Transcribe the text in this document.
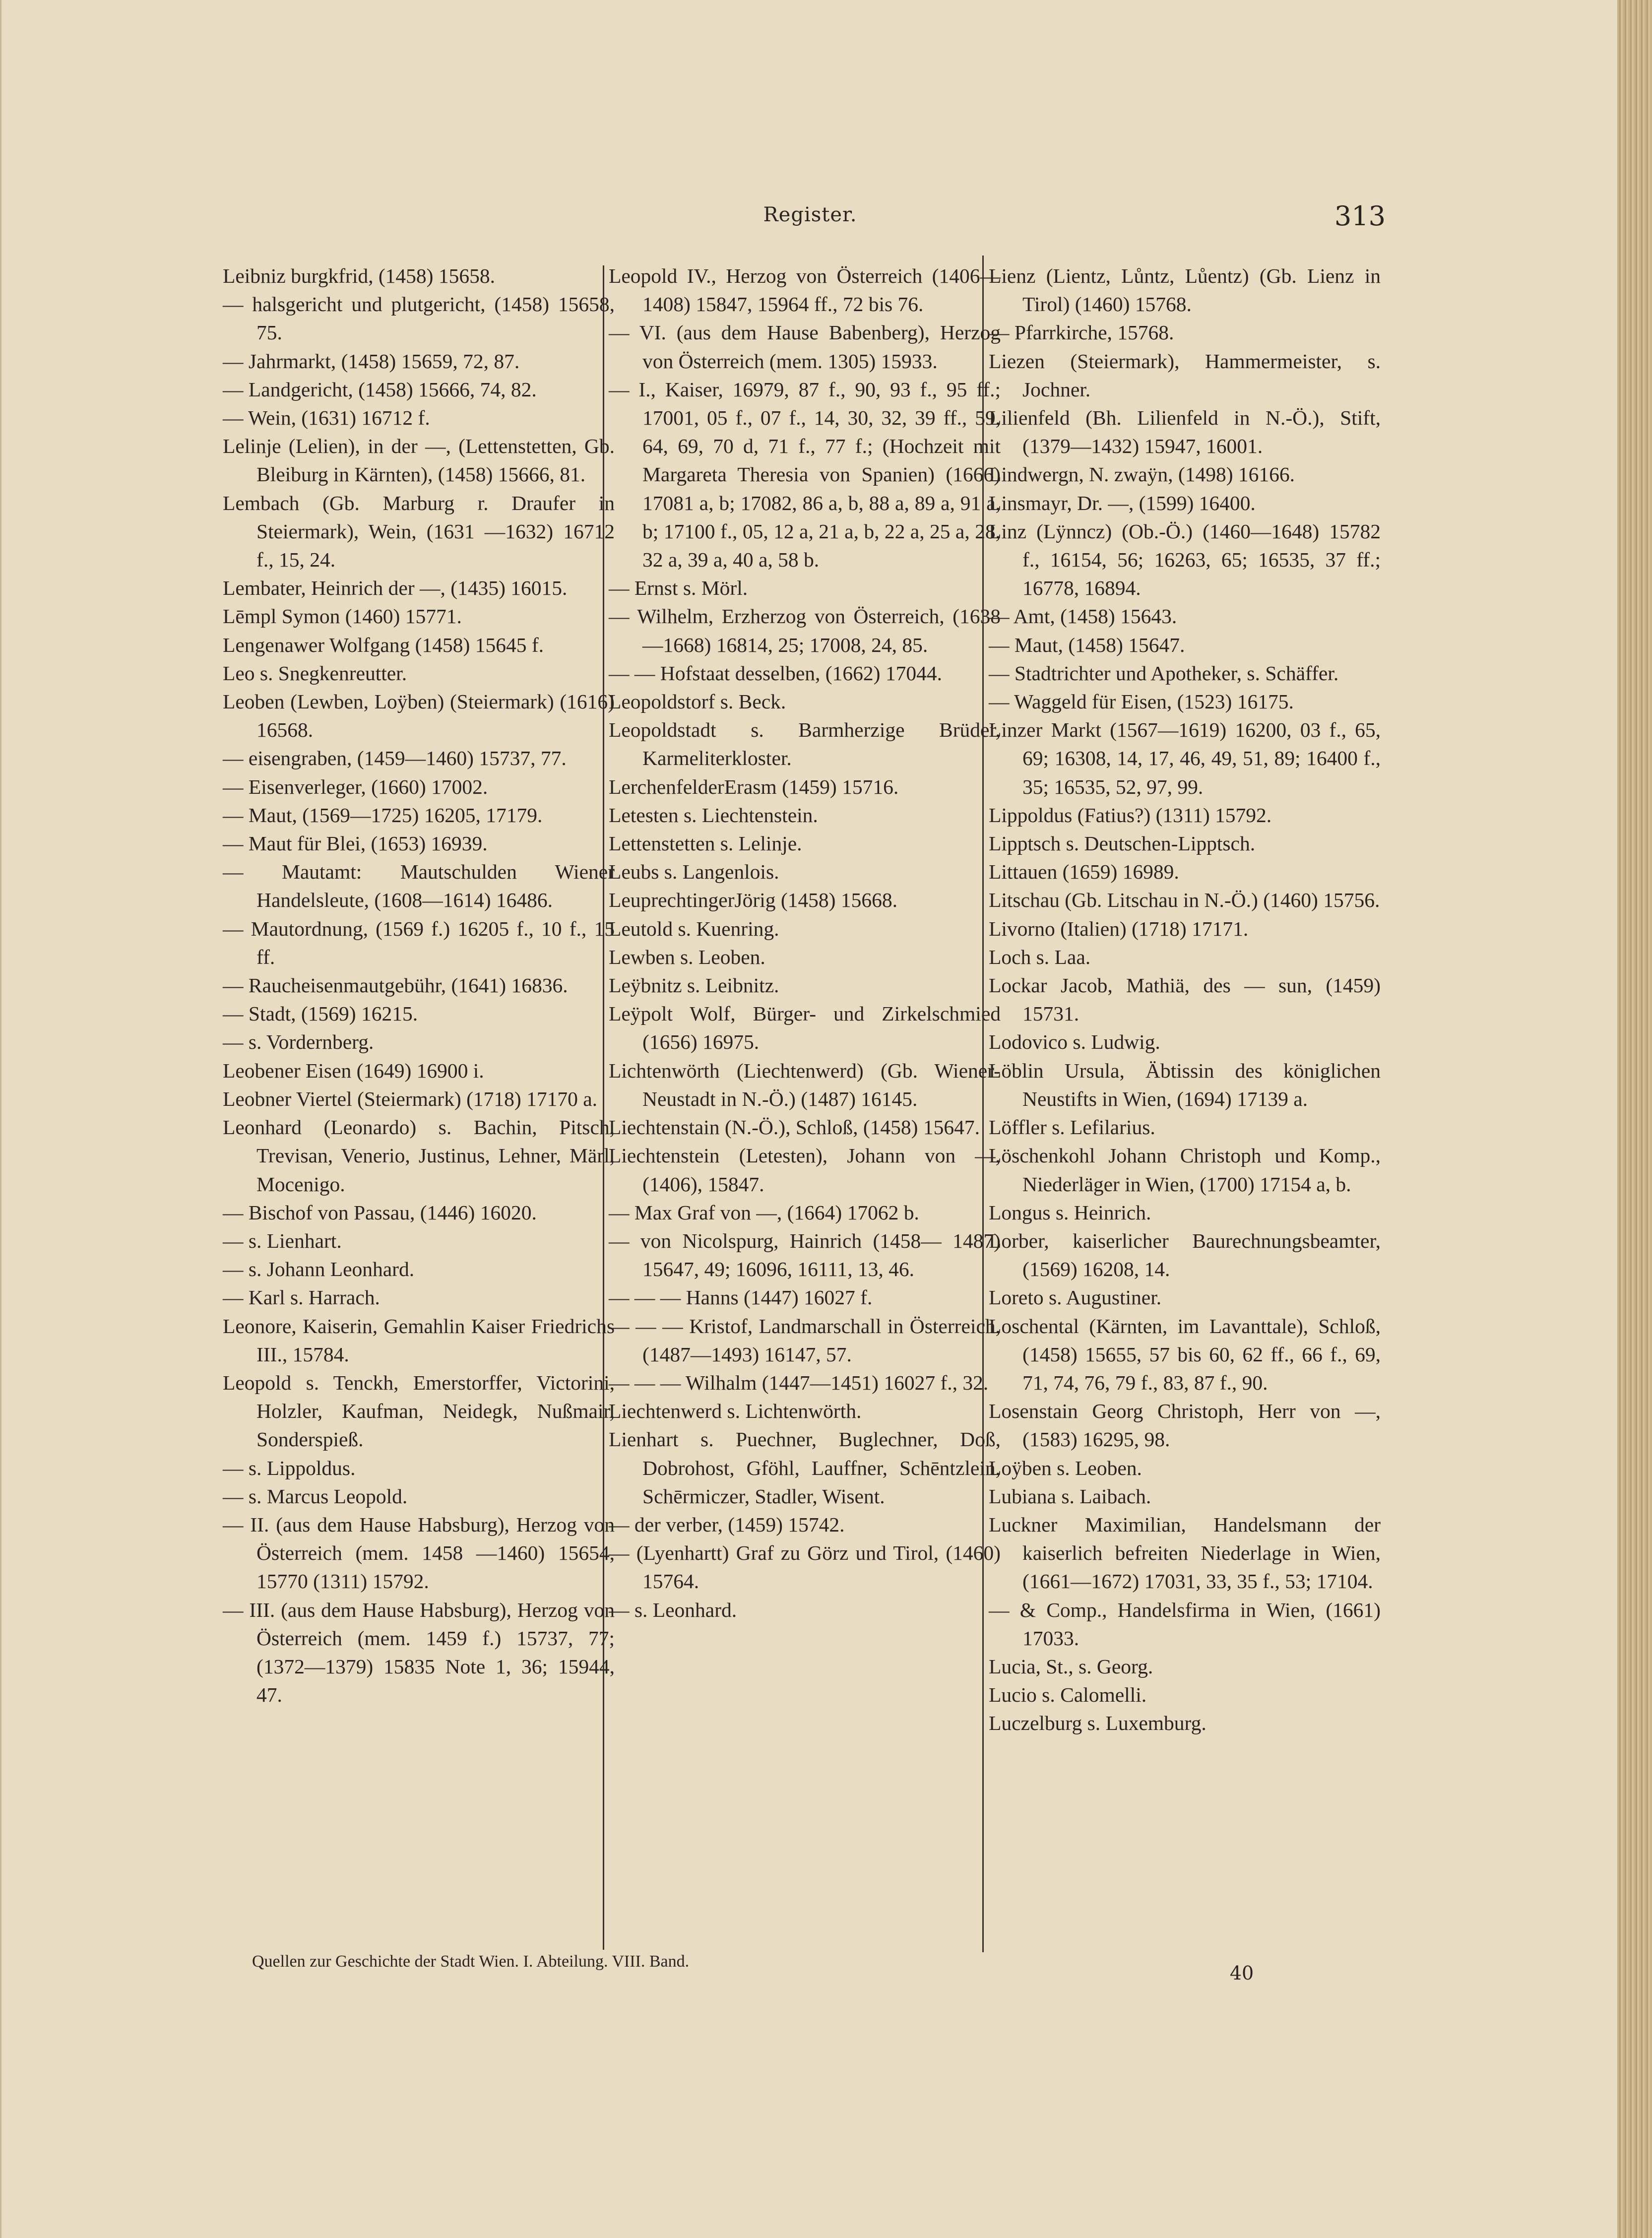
Register.	313

Leibniz burgkfrid, (1458) 15658.

— halsgericht und plutgericht, (1458) 15658, 75.

— Jahrmarkt, (1458) 15659, 72, 87.

— Landgericht, (1458) 15666, 74, 82.

— Wein, (1631) 16712 f.

Lelinje (Lelien), in der —, (Lettenstetten, Gb. Bleiburg in Kärnten), (1458) 15666, 81.

Lembach (Gb. Marburg r. Draufer in Steiermark), Wein, (1631 —1632) 16712 f., 15, 24.

Lembater, Heinrich der —, (1435) 16015.

Lēmpl Symon (1460) 15771.

Lengenawer Wolfgang (1458) 15645 f.

Leo s. Snegkenreutter.

Leoben (Lewben, Loÿben) (Steiermark) (1616) 16568.

— eisengraben, (1459—1460) 15737, 77.

— Eisenverleger, (1660) 17002.

— Maut, (1569—1725) 16205, 17179.

— Maut für Blei, (1653) 16939.

— Mautamt: Mautschulden Wiener Handelsleute, (1608—1614) 16486.

— Mautordnung, (1569 f.) 16205 f., 10 f., 15 ff.

— Raucheisenmautgebühr, (1641) 16836.

— Stadt, (1569) 16215.

— s. Vordernberg.

Leobener Eisen (1649) 16900 i.

Leobner Viertel (Steiermark) (1718) 17170 a.

Leonhard (Leonardo) s. Bachin, Pitsch, Trevisan, Venerio, Justinus, Lehner, Märl, Mocenigo.

— Bischof von Passau, (1446) 16020.

— s. Lienhart.

— s. Johann Leonhard.

— Karl s. Harrach.

Leonore, Kaiserin, Gemahlin Kaiser Friedrichs III., 15784.

Leopold s. Tenckh, Emerstorffer, Victorini, Holzler, Kaufman, Neidegk, Nußmair, Sonderspieß.

— s. Lippoldus.

— s. Marcus Leopold.

— II. (aus dem Hause Habsburg), Herzog von Österreich (mem. 1458 —1460) 15654, 15770 (1311) 15792.

— III. (aus dem Hause Habsburg), Herzog von Österreich (mem. 1459 f.) 15737, 77; (1372—1379) 15835 Note 1, 36; 15944, 47.

Leopold IV., Herzog von Österreich (1406—1408) 15847, 15964 ff., 72 bis 76.

— VI. (aus dem Hause Babenberg), Herzog von Österreich (mem. 1305) 15933.

— I., Kaiser, 16979, 87 f., 90, 93 f., 95 ff.; 17001, 05 f., 07 f., 14, 30, 32, 39 ff., 59, 64, 69, 70 d, 71 f., 77 f.; (Hochzeit mit Margareta Theresia von Spanien) (1666) 17081 a, b; 17082, 86 a, b, 88 a, 89 a, 91 a, b; 17100 f., 05, 12 a, 21 a, b, 22 a, 25 a, 28, 32 a, 39 a, 40 a, 58 b.

— Ernst s. Mörl.

— Wilhelm, Erzherzog von Österreich, (1638—1668) 16814, 25; 17008, 24, 85.

— — Hofstaat desselben, (1662) 17044.

Leopoldstorf s. Beck.

Leopoldstadt s. Barmherzige Brüder, Karmeliterkloster.

LerchenfelderErasm (1459) 15716.

Letesten s. Liechtenstein.

Lettenstetten s. Lelinje.

Leubs s. Langenlois.

LeuprechtingerJörig (1458) 15668.

Leutold s. Kuenring.

Lewben s. Leoben.

Leÿbnitz s. Leibnitz.

Leÿpolt Wolf, Bürger- und Zirkelschmied (1656) 16975.

Lichtenwörth (Liechtenwerd) (Gb. Wiener-Neustadt in N.-Ö.) (1487) 16145.

Liechtenstain (N.-Ö.), Schloß, (1458) 15647.

Liechtenstein (Letesten), Johann von —, (1406), 15847.

— Max Graf von —, (1664) 17062 b.

— von Nicolspurg, Hainrich (1458— 1487) 15647, 49; 16096, 16111, 13, 46.

— — — Hanns (1447) 16027 f.

— — — Kristof, Landmarschall in Österreich, (1487—1493) 16147, 57.

— — — Wilhalm (1447—1451) 16027 f., 32.

Liechtenwerd s. Lichtenwörth.

Lienhart s. Puechner, Buglechner, Doß, Dobrohost, Gföhl, Lauffner, Schēntzlein, Schērmiczer, Stadler, Wisent.

— der verber, (1459) 15742.

— (Lyenhartt) Graf zu Görz und Tirol, (1460) 15764.

— s. Leonhard.

Lienz (Lientz, Lůntz, Lůentz) (Gb. Lienz in Tirol) (1460) 15768.

— Pfarrkirche, 15768.

Liezen (Steiermark), Hammermeister, s. Jochner.

Lilienfeld (Bh. Lilienfeld in N.-Ö.), Stift, (1379—1432) 15947, 16001.

Lindwergn, N. zwaÿn, (1498) 16166.

Linsmayr, Dr. —, (1599) 16400.

Linz (Lÿnncz) (Ob.-Ö.) (1460—1648) 15782 f., 16154, 56; 16263, 65; 16535, 37 ff.; 16778, 16894.

— Amt, (1458) 15643.

— Maut, (1458) 15647.

— Stadtrichter und Apotheker, s. Schäffer.

— Waggeld für Eisen, (1523) 16175.

Linzer Markt (1567—1619) 16200, 03 f., 65, 69; 16308, 14, 17, 46, 49, 51, 89; 16400 f., 35; 16535, 52, 97, 99.

Lippoldus (Fatius?) (1311) 15792.

Lipptsch s. Deutschen-Lipptsch.

Littauen (1659) 16989.

Litschau (Gb. Litschau in N.-Ö.) (1460) 15756.

Livorno (Italien) (1718) 17171.

Loch s. Laa.

Lockar Jacob, Mathiä, des — sun, (1459) 15731.

Lodovico s. Ludwig.

Löblin Ursula, Äbtissin des königlichen Neustifts in Wien, (1694) 17139 a.

Löffler s. Lefilarius.

Löschenkohl Johann Christoph und Komp., Niederläger in Wien, (1700) 17154 a, b.

Longus s. Heinrich.

Lorber, kaiserlicher Baurechnungsbeamter, (1569) 16208, 14.

Loreto s. Augustiner.

Loschental (Kärnten, im Lavanttale), Schloß, (1458) 15655, 57 bis 60, 62 ff., 66 f., 69, 71, 74, 76, 79 f., 83, 87 f., 90.

Losenstain Georg Christoph, Herr von —, (1583) 16295, 98.

Loÿben s. Leoben.

Lubiana s. Laibach.

Luckner Maximilian, Handelsmann der kaiserlich befreiten Niederlage in Wien, (1661—1672) 17031, 33, 35 f., 53; 17104.

— & Comp., Handelsfirma in Wien, (1661) 17033.

Lucia, St., s. Georg.

Lucio s. Calomelli.

Luczelburg s. Luxemburg.

Quellen zur Geschichte der Stadt Wien. I. Abteilung. VIII. Band.
40
